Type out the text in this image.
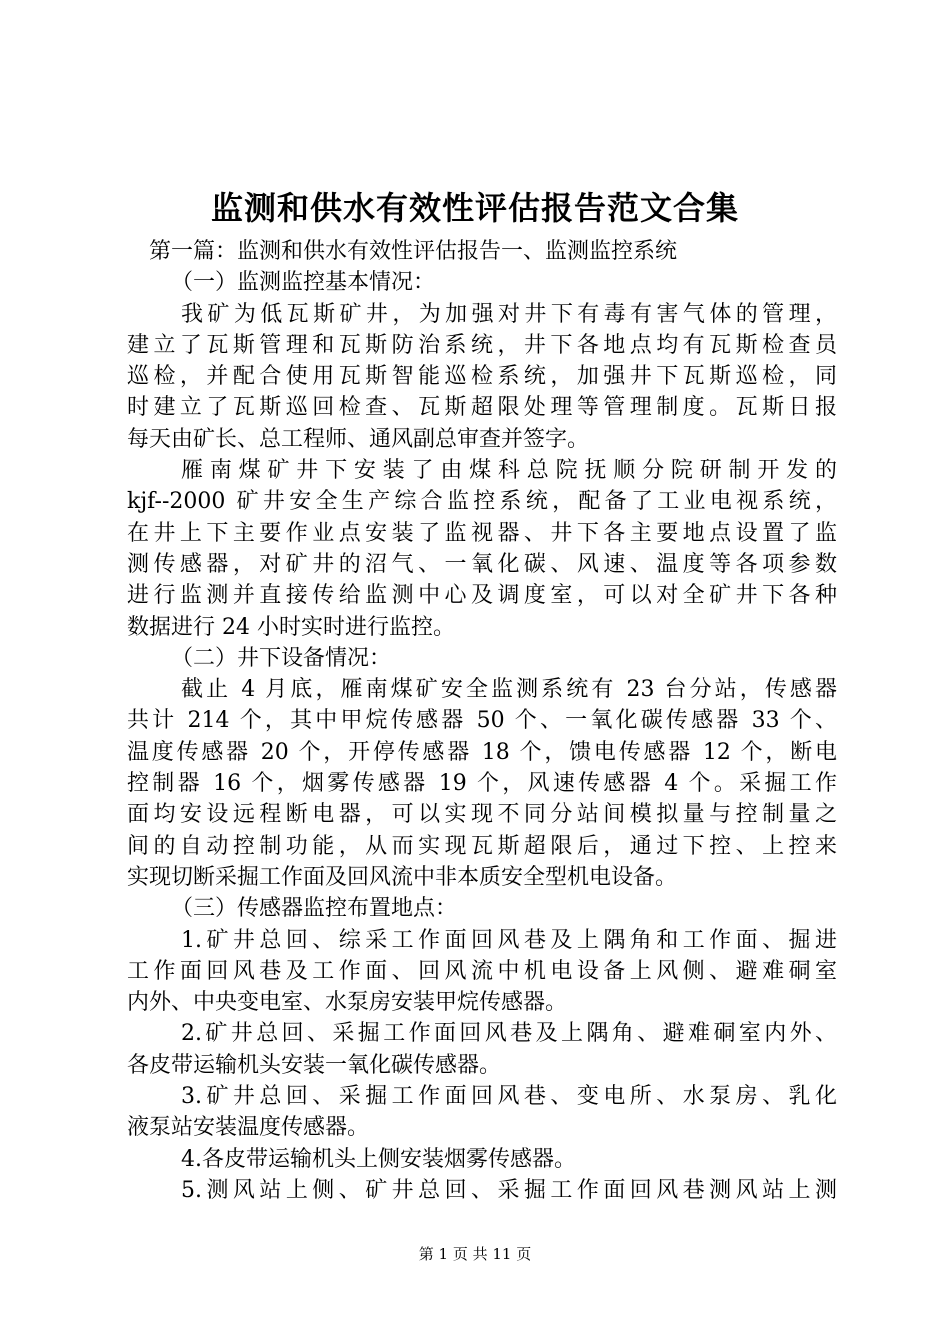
监测和供水有效性评估报告范文合集
第一篇：监测和供水有效性评估报告一、监测监控系统
（一）监测监控基本情况：
我矿为低瓦斯矿井，为加强对井下有毒有害气体的管理，
建立了瓦斯管理和瓦斯防治系统，井下各地点均有瓦斯检查员
巡检，并配合使用瓦斯智能巡检系统，加强井下瓦斯巡检，同
时建立了瓦斯巡回检查、瓦斯超限处理等管理制度。瓦斯日报
每天由矿长、总工程师、通风副总审查并签字。
雁南煤矿井下安装了由煤科总院抚顺分院研制开发的
kjf--2000 矿井安全生产综合监控系统，配备了工业电视系统，
在井上下主要作业点安装了监视器、井下各主要地点设置了监
测传感器，对矿井的沼气、一氧化碳、风速、温度等各项参数
进行监测并直接传给监测中心及调度室，可以对全矿井下各种
数据进行 24 小时实时进行监控。
（二）井下设备情况：
截止 4 月底，雁南煤矿安全监测系统有 23 台分站，传感器
共计 214 个，其中甲烷传感器 50 个、一氧化碳传感器 33 个、
温度传感器 20 个，开停传感器 18 个，馈电传感器 12 个，断电
控制器 16 个，烟雾传感器 19 个，风速传感器 4 个。采掘工作
面均安设远程断电器，可以实现不同分站间模拟量与控制量之
间的自动控制功能，从而实现瓦斯超限后，通过下控、上控来
实现切断采掘工作面及回风流中非本质安全型机电设备。
（三）传感器监控布置地点：
1.矿井总回、综采工作面回风巷及上隅角和工作面、掘进
工作面回风巷及工作面、回风流中机电设备上风侧、避难硐室
内外、中央变电室、水泵房安装甲烷传感器。
2.矿井总回、采掘工作面回风巷及上隅角、避难硐室内外、
各皮带运输机头安装一氧化碳传感器。
3.矿井总回、采掘工作面回风巷、变电所、水泵房、乳化
液泵站安装温度传感器。
4.各皮带运输机头上侧安装烟雾传感器。
5.测风站上侧、矿井总回、采掘工作面回风巷测风站上测
第 1 页 共 11 页
